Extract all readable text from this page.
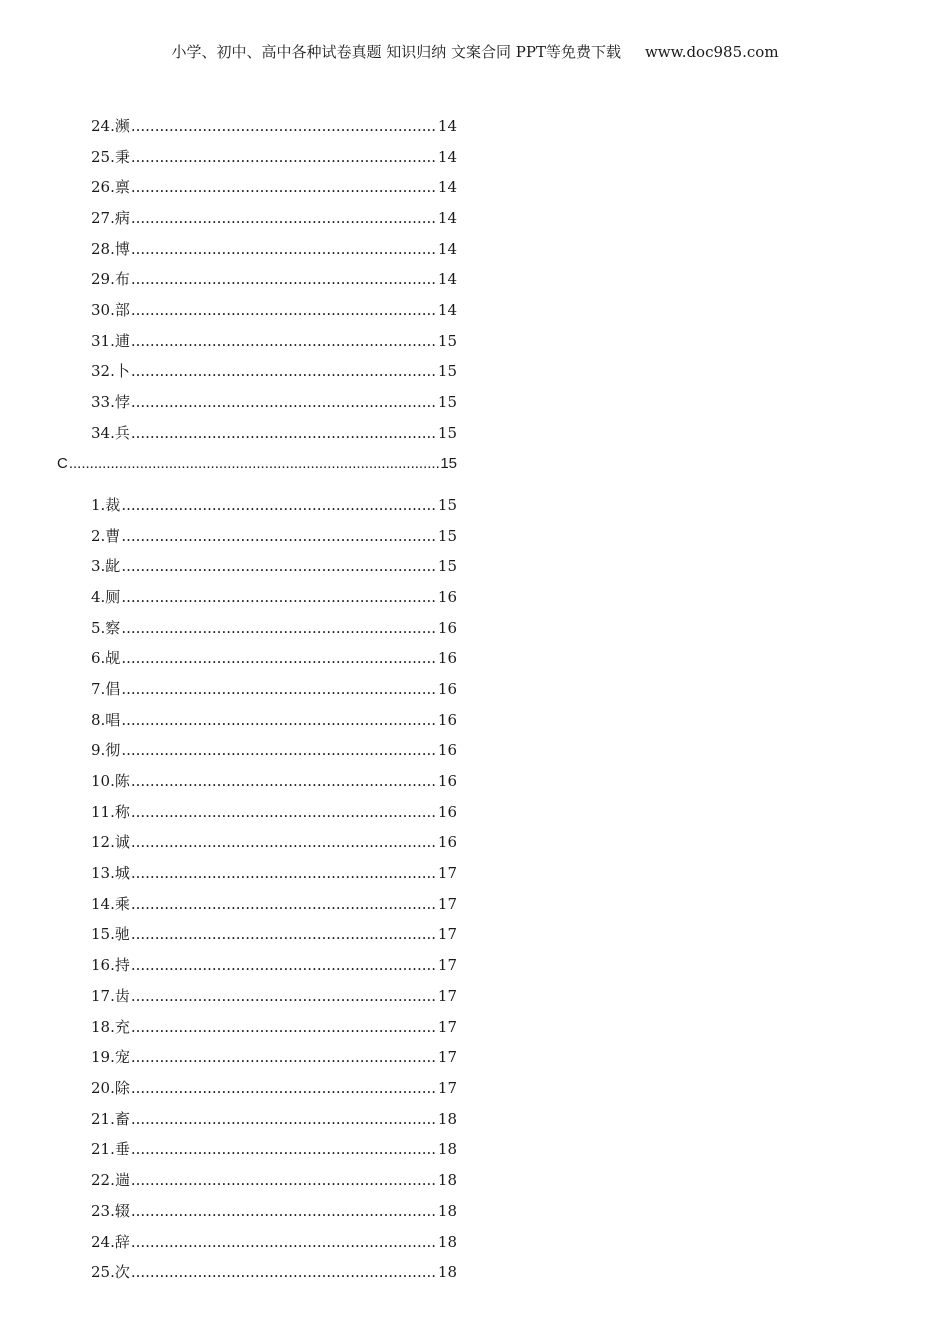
小学、初中、高中各种试卷真题 知识归纳 文案合同 PPT等免费下载 www.doc985.com
24.濒 .....	14
25.秉 .....	14
26.禀 .....	14
27.病 .....	14
28.博 .....	14
29.布 .....	14
30.部 .....	14
31.逋 .....	15
32.卜 .....	15
33.悖 .....	15
34.兵 .....	15
C .....	15
1.裁 .....	15
2.曹 .....	15
3.龀 .....	15
4.厕 .....	16
5.察 .....	16
6.觇 .....	16
7.倡 .....	16
8.唱 .....	16
9.彻 .....	16
10.陈 .....	16
11.称 .....	16
12.诚 .....	16
13.城 .....	17
14.乘 .....	17
15.驰 .....	17
16.持 .....	17
17.齿 .....	17
18.充 .....	17
19.宠 .....	17
20.除 .....	17
21.畜 .....	18
21.垂 .....	18
22.遄 .....	18
23.辍 .....	18
24.辞 .....	18
25.次 .....	18
